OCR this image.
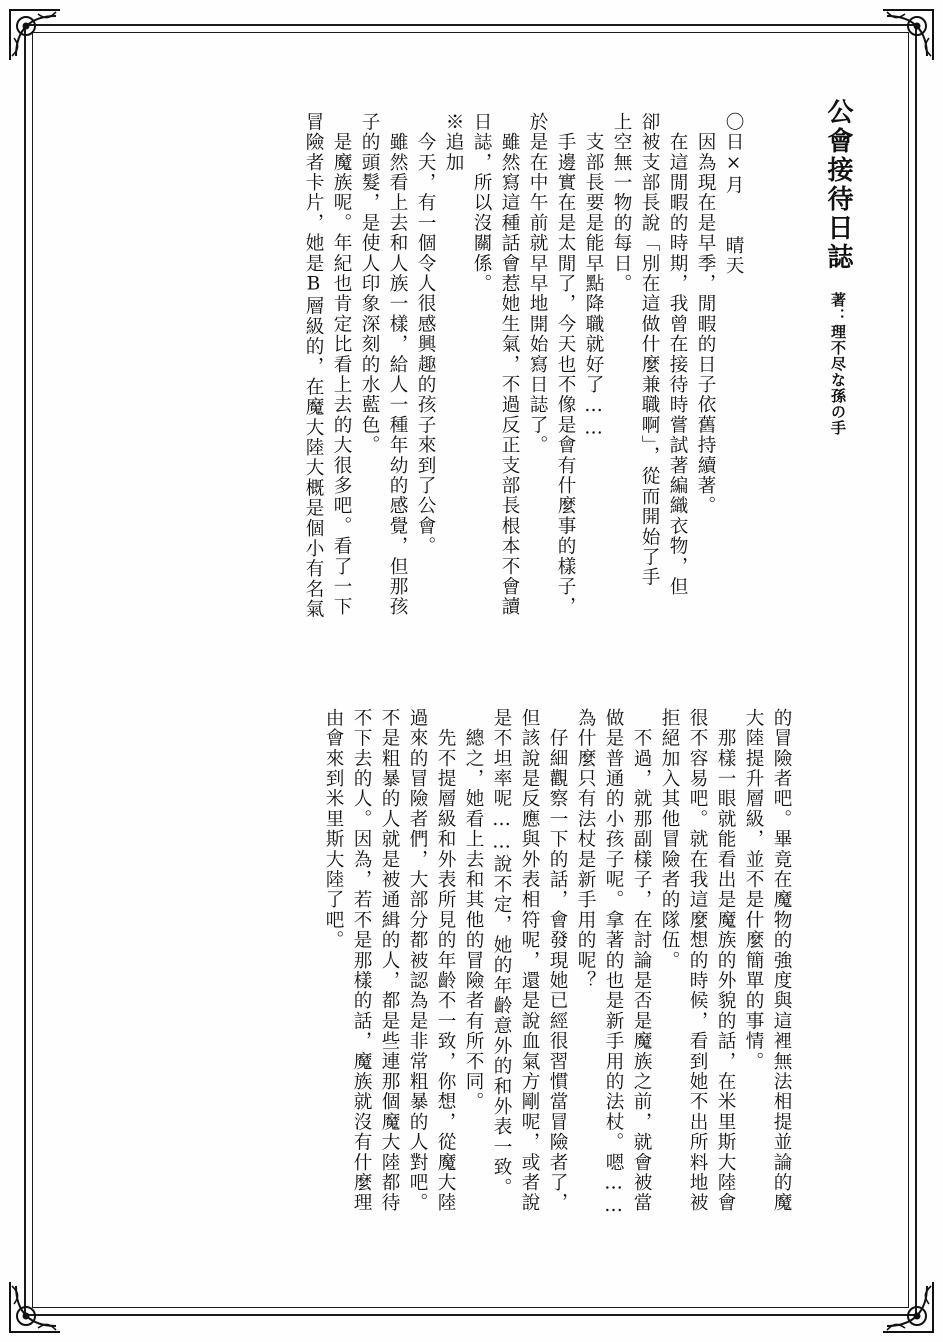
公會接待日誌
著：理不尽な孫の手
〇日×月　　晴天
　因為現在是早季，閒暇的日子依舊持續著。
　在這閒暇的時期，我曾在接待時嘗試著編織衣物，但
卻被支部長說「別在這做什麼兼職啊」，從而開始了手
上空無一物的每日。
　支部長要是能早點降職就好了……
　手邊實在是太閒了，今天也不像是會有什麼事的樣子，
於是在中午前就早早地開始寫日誌了。
　雖然寫這種話會惹她生氣，不過反正支部長根本不會讀
日誌，所以沒關係。
※追加
　今天，有一個令人很感興趣的孩子來到了公會。
　雖然看上去和人族一樣，給人一種年幼的感覺，但那孩
子的頭髮，是使人印象深刻的水藍色。
　是魔族呢。年紀也肯定比看上去的大很多吧。看了一下
冒險者卡片，她是B層級的，在魔大陸大概是個小有名氣
的冒險者吧。畢竟在魔物的強度與這裡無法相提並論的魔
大陸提升層級，並不是什麼簡單的事情。
　那樣一眼就能看出是魔族的外貌的話，在米里斯大陸會
很不容易吧。就在我這麼想的時候，看到她不出所料地被
拒絕加入其他冒險者的隊伍。
　不過，就那副樣子，在討論是否是魔族之前，就會被當
做是普通的小孩子呢。拿著的也是新手用的法杖。嗯……
為什麼只有法杖是新手用的呢？
　仔細觀察一下的話，會發現她已經很習慣當冒險者了，
但該說是反應與外表相符呢，還是說血氣方剛呢，或者說
是不坦率呢……說不定，她的年齡意外的和外表一致。
　總之，她看上去和其他的冒險者有所不同。
　先不提層級和外表所見的年齡不一致，你想，從魔大陸
過來的冒險者們，大部分都被認為是非常粗暴的人對吧。
不是粗暴的人就是被通緝的人，都是些連那個魔大陸都待
不下去的人。因為，若不是那樣的話，魔族就沒有什麼理
由會來到米里斯大陸了吧。
